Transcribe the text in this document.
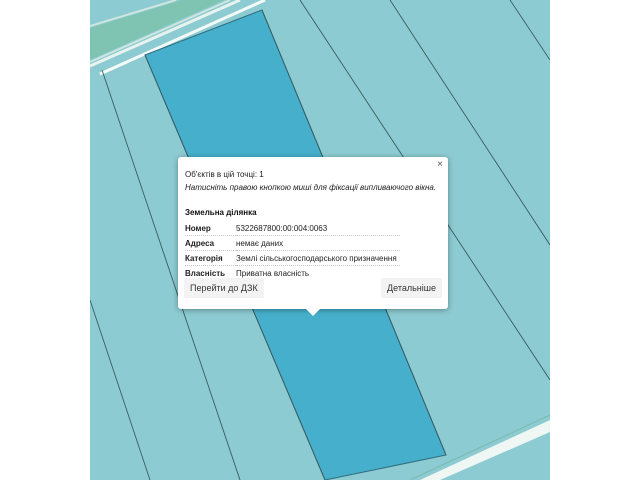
×
Об'єктів в цій точці: 1
Натисніть правою кнопкою миші для фіксації випливаючого вікна.
Земельна ділянка
Номер	5322687800:00:004:0063
Адреса	немає даних
Категорія	Землі сільськогосподарського призначення
Власність	Приватна власність
Перейти до ДЗК	Детальніше
